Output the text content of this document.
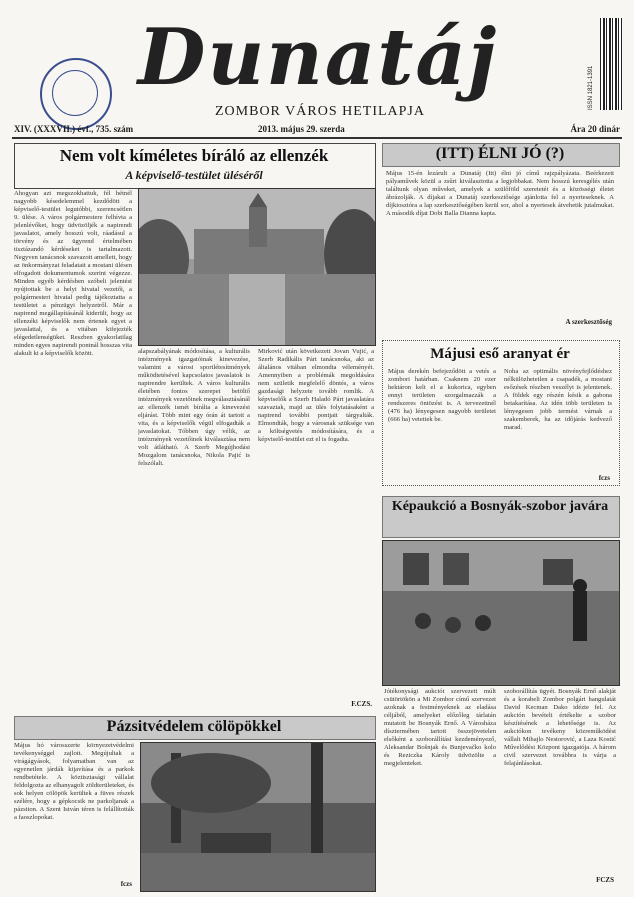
Dunatáj
ZOMBOR VÁROS HETILAPJA
ISSN 1821-1391
XIV. (XXXVII.) évf., 735. szám	2013. május 29. szerda	Ára 20 dinár
Nem volt kíméletes bíráló az ellenzék
A képviselő-testület üléséről
Ahogyan azt megszokhattuk, fél hétnél nagyobb késedelemmel kezdődött a képviselő-testület legutóbbi, szerencsétlen 9. ülése. A város polgármestere felhívta a jelenlévőket, hogy üdvözöljék a napirendi javaslatot, amely hosszú volt, ráadásul a törvény és az ügyrend értelmében tisztázandó kérdéseket is tartalmazott. Negyven tanácsnok szavazott amellett, hogy az önkormányzat feladatait a mostani ülésen elfogadott dokumentumok szerint végezze. Minden egyéb kérdésben szóbeli jelentést nyújtottak be a helyi hivatal vezetői, a polgármesteri hivatal pedig tájékoztatta a testületet a pénzügyi helyzetről. Már a napirend megállapításánál kiderült, hogy az ellenzéki képviselők nem értenek egyet a javaslattal, és a vitában kifejezték elégedetlenségüket. Reszben gyakorlatilag minden egyes napirendi pontnál hosszas vita alakult ki a képviselők között.	alapszabályának módosítása, a kulturális intézmények igazgatóinak kinevezése, valamint a városi sportlétesítmények működtetésével kapcsolatos javaslatok is napirendre kerültek. A város kulturális életében fontos szerepet betöltő intézmények vezetőinek megválasztásánál az ellenzék ismét bírálta a kinevezési eljárást. Több mint egy órán át tartott a vita, és a képviselők végül elfogadták a javaslatokat. Tóbben úgy vélik, az intézmények vezetőinek kiválasztása nem volt átlátható. A Szerb Megújhodási Mozgalom tanácsnoka, Nikola Pajić is felszólalt.
Mirković után következett Jovan Vujić, a Szerb Radikális Párt tanácsnoka, aki az általános vitában elmondta véleményét. Amennyiben a problémák megoldására nem születik megfelelő döntés, a város gazdasági helyzete tovább romlik. A képviselők a Szerb Haladó Párt javaslatára szavaztak, majd az ülés folytatásaként a napirend további pontjait tárgyalták. Elmondták, hogy a városnak szüksége van a költségvetés módosítására, és a képviselő-testület ezt el is fogadta.
F.CZS.
(ITT) ÉLNI JÓ (?)
Május 15-én lezárult a Dunatáj (Itt) élni jó című rajzpályázata. Beérkezett pályaművek közül a zsűri kiválasztotta a legjobbakat. Nem hosszú keresgélés után találtunk olyan műveket, amelyek a szülőföld szeretetét és a közösségi életet ábrázolják. A díjakat a Dunatáj szerkesztősége ajánlotta fel a nyerteseknek. A díjkiosztóra a lap szerkesztőségében kerül sor, ahol a nyertesek átvehetik jutalmukat. A második díjat Dobi Balla Dianna kapta.
A szerkesztőség
Májusi eső aranyat ér
Május derekén befejeződött a vetés a zombori határban. Csaknem 20 ezer hektáron kelt el a kukorica, egyben ennyi területen szorgalmazzák a rendszeres öntözést is. A tervezettnél (476 ha) lényegesen nagyobb területet (666 ha) vetettek be.
Noha az optimális növényfejlődéshez nélkülözhetetlen a csapadék, a mostani esőzések részben veszélyt is jelentenek. A földek egy részén késik a gabona betakarítása. Az idén több területen is lényegesen jobb termést várnak a szakemberek, ha az időjárás kedvező marad.
fczs
Képaukció a Bosnyák-szobor javára
Jótékonysági aukciót szervezett múlt csütörtökön a Mi Zombor című szervezet azoknak a festményeknek az eladása céljából, amelyeket előzőleg tárlatán mutatott be Bosnyák Ernő. A Városháza dísztermében tartott összejövetelen elsőként a szoborállítási kezdeményező, Aleksandar Bošnjak és Bunjevačko kolo és Reziczka Károly üdvözölte a megjelenteket.
szoborállítás ügyét. Bosnyák Ernő alakját és a korabeli Zombor polgári hangulatát David Kecman Dako idézte fel. Az aukción bevételt értékelte a szobor készítésének a lehetősége is. Az aukciókon tevékeny közreműködést vállalt Mihajlo Nestorović, a Laza Kostić Művelődési Központ igazgatója. A három civil szervezet továbbra is várja a felajánlásokat.
FCZS
Pázsitvédelem cölöpökkel
Május hó városszerte környezetvédelmi tevékenységgel zajlott. Megújultak a virágágyások, folyamatban van az egyenetlen járdák kijavítása és a parkok rendbetétele. A köztisztasági vállalat feldolgozta az elhanyagolt zöldterületeket, és sok helyen cölöpök kerültek a füves részek szélére, hogy a gépkocsik ne parkoljanak a pázsiton. A Szent István téren is felállították a faoszlopokat.
fczs
